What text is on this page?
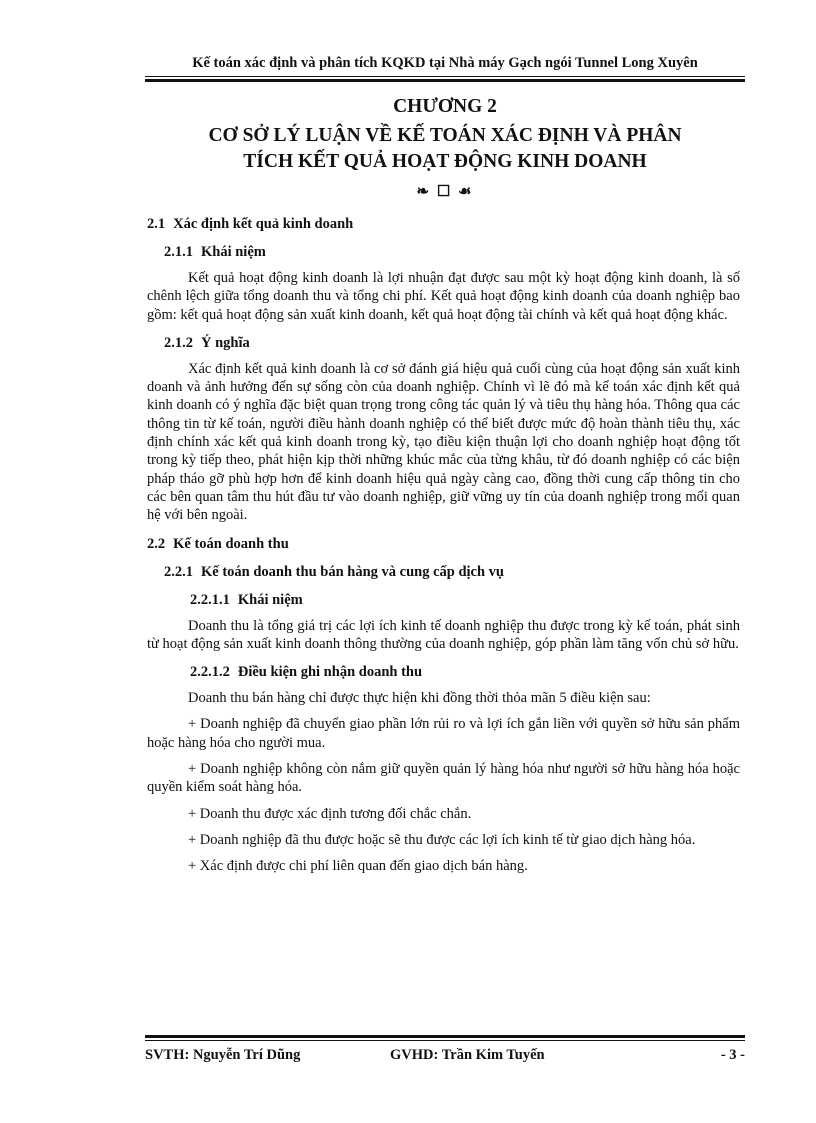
Kế toán xác định và phân tích KQKD tại Nhà máy Gạch ngói Tunnel Long Xuyên
CHƯƠNG 2
CƠ SỞ LÝ LUẬN VỀ KẾ TOÁN XÁC ĐỊNH VÀ PHÂN
TÍCH KẾT QUẢ HOẠT ĐỘNG KINH DOANH
❧ ☐ ☙
2.1 Xác định kết quả kinh doanh
2.1.1 Khái niệm

Kết quả hoạt động kinh doanh là lợi nhuận đạt được sau một kỳ hoạt động kinh doanh, là số chênh lệch giữa tổng doanh thu và tổng chi phí. Kết quả hoạt động kinh doanh của doanh nghiệp bao gồm: kết quả hoạt động sản xuất kinh doanh, kết quả hoạt động tài chính và kết quả hoạt động khác.

2.1.2 Ý nghĩa

Xác định kết quả kinh doanh là cơ sở đánh giá hiệu quả cuối cùng của hoạt động sản xuất kinh doanh và ảnh hưởng đến sự sống còn của doanh nghiệp. Chính vì lẽ đó mà kế toán xác định kết quả kinh doanh có ý nghĩa đặc biệt quan trọng trong công tác quản lý và tiêu thụ hàng hóa. Thông qua các thông tin từ kế toán, người điều hành doanh nghiệp có thể biết được mức độ hoàn thành tiêu thụ, xác định chính xác kết quả kinh doanh trong kỳ, tạo điều kiện thuận lợi cho doanh nghiệp hoạt động tốt trong kỳ tiếp theo, phát hiện kịp thời những khúc mắc của từng khâu, từ đó doanh nghiệp có các biện pháp tháo gỡ phù hợp hơn để kinh doanh hiệu quả ngày càng cao, đồng thời cung cấp thông tin cho các bên quan tâm thu hút đầu tư vào doanh nghiệp, giữ vững uy tín của doanh nghiệp trong mối quan hệ với bên ngoài.

2.2 Kế toán doanh thu
2.2.1 Kế toán doanh thu bán hàng và cung cấp dịch vụ
2.2.1.1 Khái niệm

Doanh thu là tổng giá trị các lợi ích kinh tế doanh nghiệp thu được trong kỳ kế toán, phát sinh từ hoạt động sản xuất kinh doanh thông thường của doanh nghiệp, góp phần làm tăng vốn chủ sở hữu.

2.2.1.2 Điều kiện ghi nhận doanh thu

Doanh thu bán hàng chỉ được thực hiện khi đồng thời thỏa mãn 5 điều kiện sau:

+ Doanh nghiệp đã chuyển giao phần lớn rủi ro và lợi ích gắn liền với quyền sở hữu sản phẩm hoặc hàng hóa cho người mua.

+ Doanh nghiệp không còn nắm giữ quyền quản lý hàng hóa như người sở hữu hàng hóa hoặc quyền kiểm soát hàng hóa.

+ Doanh thu được xác định tương đối chắc chắn.

+ Doanh nghiệp đã thu được hoặc sẽ thu được các lợi ích kinh tế từ giao dịch hàng hóa.

+ Xác định được chi phí liên quan đến giao dịch bán hàng.

SVTH: Nguyễn Trí Dũng	GVHD: Trần Kim Tuyến	- 3 -
